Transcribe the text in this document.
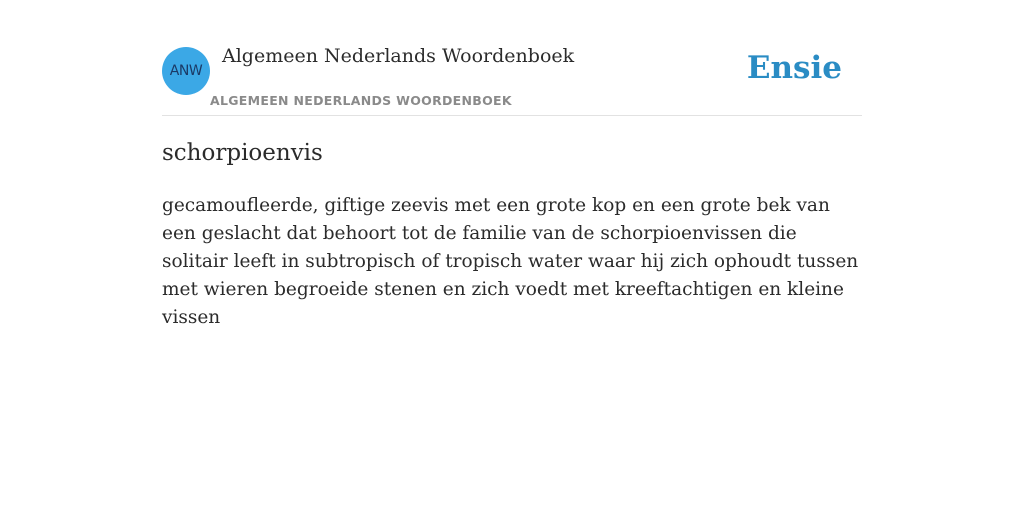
ANW
Algemeen Nederlands Woordenboek
ALGEMEEN NEDERLANDS WOORDENBOEK
Ensie
schorpioenvis

gecamoufleerde, giftige zeevis met een grote kop en een grote bek van een geslacht dat behoort tot de familie van de schorpioenvissen die solitair leeft in subtropisch of tropisch water waar hij zich ophoudt tussen met wieren begroeide stenen en zich voedt met kreeftachtigen en kleine vissen
